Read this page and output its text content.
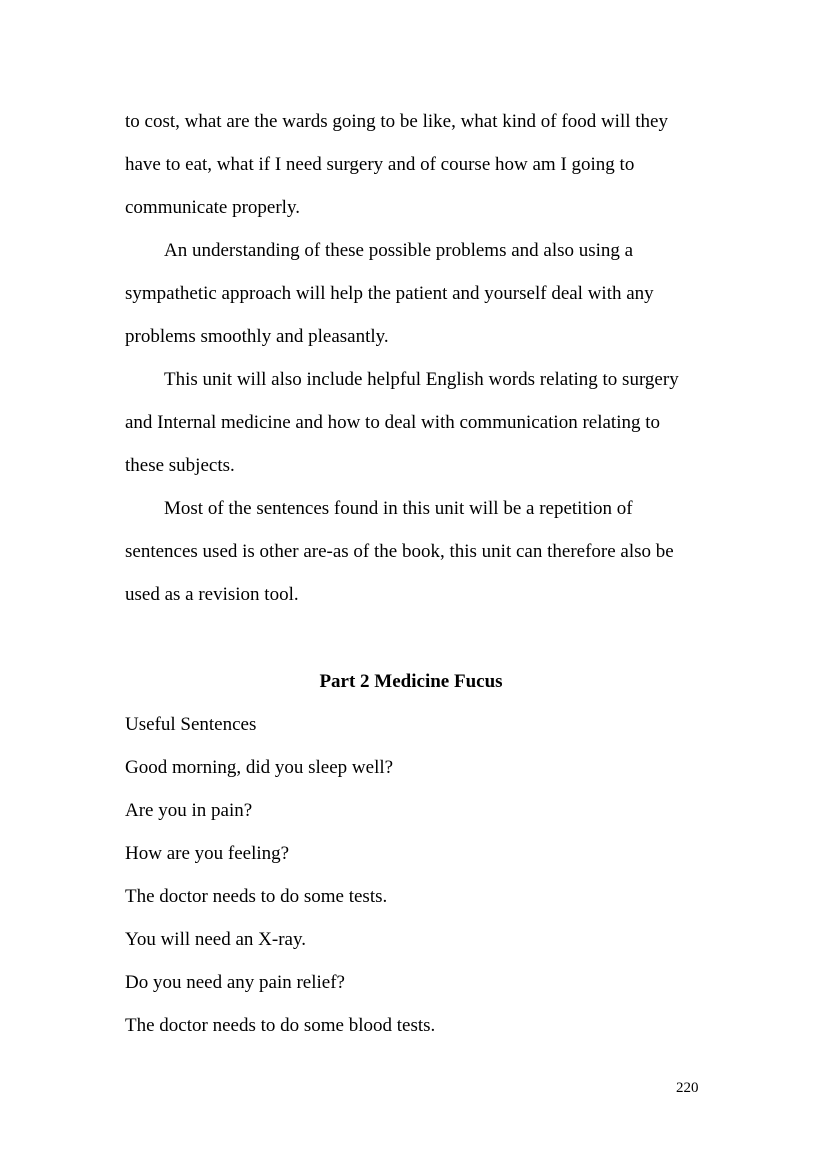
to cost, what are the wards going to be like, what kind of food will they
have to eat, what if I need surgery and of course how am I going to
communicate properly.
An understanding of these possible problems and also using a
sympathetic approach will help the patient and yourself deal with any
problems smoothly and pleasantly.
This unit will also include helpful English words relating to surgery
and Internal medicine and how to deal with communication relating to
these subjects.
Most of the sentences found in this unit will be a repetition of
sentences used is other are-as of the book, this unit can therefore also be
used as a revision tool.
Part 2 Medicine Fucus
Useful Sentences
Good morning, did you sleep well?
Are you in pain?
How are you feeling?
The doctor needs to do some tests.
You will need an X-ray.
Do you need any pain relief?
The doctor needs to do some blood tests.
220
